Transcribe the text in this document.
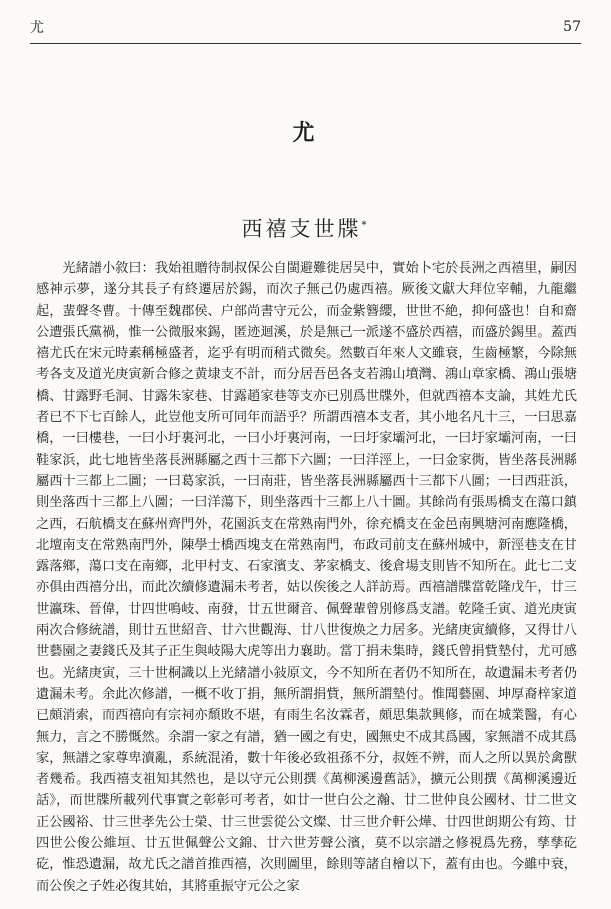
尤	57
尤
西禧支世牒*

光緒譜小敘曰：我始祖贈待制叔保公自閩避難徙居吴中，實始卜宅於長洲之西禧里，嗣因感神示夢，遂分其長子有終遷居於錫，而次子無己仍處西禧。厥後文獻大拜位宰輔，九龍繼起，蜚聲冬曹。十傳至魏郡侯、户部尚書守元公，而金紫簪纓，世世不絶，抑何盛也！自和齋公遭張氏黨禍，惟一公微服來錫，匿迹迴溪，於是無己一派遂不盛於西禧，而盛於錫里。蓋西禧尤氏在宋元時素稱極盛者，迄乎有明而稍式微矣。然數百年來人文雖衰，生齒極繁，今除無考各支及道光庚寅新合修之黄埭支不計，而分居吾邑各支若鴻山墳灣、鴻山章家橋、鴻山張塘橋、甘露野毛洞、甘露朱家巷、甘露趙家巷等支亦已別爲世牒外，但就西禧本支論，其姓尤氏者已不下七百餘人，此豈他支所可同年而語乎？所謂西禧本支者，其小地名凡十三，一曰思嘉橋，一曰樓巷，一曰小圩裏河北，一曰小圩裏河南，一曰圩家壩河北，一曰圩家壩河南，一曰鞋家浜，此七地皆坐落長洲縣屬之西十三都下六圖；一曰洋涇上，一曰金家衖，皆坐落長洲縣屬西十三都上二圖；一曰葛家浜，一曰南莊，皆坐落長洲縣屬西十三都下八圖；一曰西莊浜，則坐落西十三都上八圖；一曰洋蕩下，則坐落西十三都上八十圖。其餘尚有張馬橋支在蕩口鎮之西，石航橋支在蘇州齊門外，花園浜支在常熟南門外，徐充橋支在金邑南興塘河南應隆橋，北壇南支在常熟南門外，陳學士橋西塊支在常熟南門，布政司前支在蘇州城中，新涇巷支在甘露落鄉，蕩口支在南鄉，北甲村支、石家濱支、茅家橋支、後倉場支則皆不知所在。此七二支亦俱由西禧分出，而此次續修遺漏未考者，姑以俟後之人詳訪焉。西禧譜牒當乾隆戊午，廿三世瀛珠、晉偉，廿四世鳴岐、南發，廿五世爾音、佩聲輩曾別修爲支譜。乾隆壬寅、道光庚寅兩次合修統譜，則廿五世紹音、廿六世觀海、廿八世復焕之力居多。光緒庚寅續修，又得廿八世藝園之妻錢氏及其子正生與岐陽大虎等出力襄助。當丁捐未集時，錢氏曾捐貲墊付，尤可感也。光緒庚寅，三十世桐識以上光緒譜小敍原文，今不知所在者仍不知所在，故遺漏未考者仍遺漏未考。余此次修譜，一概不收丁捐，無所謂捐貲，無所謂墊付。惟聞藝園、坤厚裔梓家道已頗消索，而西禧向有宗祠亦頹敗不堪，有雨生名汝霖者，頗思集款興修，而在城業醫，有心無力，言之不勝慨然。余謂一家之有譜，猶一國之有史，國無史不成其爲國，家無譜不成其爲家，無譜之家尊卑瀆亂，系統混淆，數十年後必致祖孫不分，叔姪不辨，而人之所以異於禽獸者幾希。我西禧支祖知其然也，是以守元公則撰《萬柳溪邊舊話》，擴元公則撰《萬柳溪邊近話》，而世牒所載列代事實之彰彰可考者，如廿一世白公之瀚、廿二世仲良公國材、廿二世文正公國裕、廿三世孝先公士榮、廿三世雲從公文燦、廿三世介軒公燁、廿四世朗期公有筠、廿四世公俊公維垣、廿五世佩聲公文錦、廿六世芳聲公濱，莫不以宗譜之修視爲先務，孳孳矻矻，惟恐遺漏，故尤氏之譜首推西禧，次則圖里，餘則等諸自檜以下，蓋有由也。今雖中衰，而公俟之子姓必復其始，其將重振守元公之家
